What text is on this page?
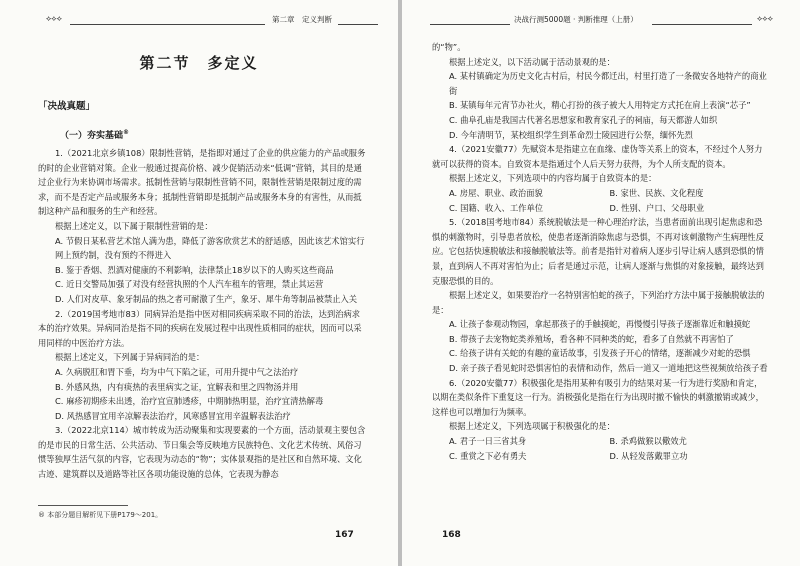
⟡⟡⟡	第二章　定义判断
第二节　多定义
「决战真题」
（一）夯实基础®

1.（2021北京乡镇108）限制性营销，是指即对通过了企业的供应能力的产品或服务的时的企业营销对策。企业一般通过提高价格、减少促销活动来“低调”营销，其目的是通过企业行为来协调市场需求。抵制性营销与限制性营销不同，限制性营销是限制过度的需求，而不是否定产品或服务本身；抵制性营销即是抵制产品或服务本身的有害性，从而抵制这种产品和服务的生产和经营。

根据上述定义，以下属于限制性营销的是：

A. 节假日某私营艺术馆人满为患，降低了游客欣赏艺术的舒适感，因此该艺术馆实行网上预约制，没有预约不得进入

B. 鉴于香烟、烈酒对健康的不利影响，法律禁止18岁以下的人购买这些商品

C. 近日交警局加强了对没有经营执照的个人汽车租车的管理，禁止其运营

D. 人们对皮草、象牙制品的热之者可耐激了生产，象牙、犀牛角等制品被禁止入关

2.（2019国考地市83）同病异治是指中医对相同疾病采取不同的治法，达到治病求本的治疗效果。异病同治是指不同的疾病在发展过程中出现性质相同的症状，因而可以采用同样的中医治疗方法。

根据上述定义，下列属于异病同治的是：

A. 久病脱肛和胃下垂，均为中气下陷之证，可用升提中气之法治疗

B. 外感风热，内有痰热的表里病实之证，宜解表和里之四物汤并用

C. 麻疹初期疹未出透，治疗宜宣肺透疹，中期肺热明显，治疗宜清热解毒

D. 风热感冒宜用辛凉解表法治疗，风寒感冒宜用辛温解表法治疗

3.（2022北京114）城市转成为活动聚集和实现要素的一个方面，活动景观主要包含的是市民的日常生活、公共活动、节日集会等反映地方民族特色、文化艺术传统、风俗习惯等独厚生活气氛的内容，它表现为动态的“物”；实体景观指的是社区和自然环境、文化古迹、建筑群以及道路等社区各项功能设施的总体，它表现为静态

® 本部分题目解析见下册P179～201。
167
决战行测5000题 · 判断推理（上册）	⟡⟡⟡

的“物”。

根据上述定义，以下活动属于活动景观的是：

A. 某村镇确定为历史文化古村后，村民今都迁出，村里打造了一条微安各地特产的商业街

B. 某镇每年元宵节办社火，精心打扮的孩子被大人用特定方式托在肩上表演“芯子”

C. 曲阜孔庙是我国古代著名思想家和教育家孔子的祠庙，每天都游人如织

D. 今年清明节，某校组织学生到革命烈士陵园进行公祭，缅怀先烈

4.（2021安徽77）先赋资本是指建立在血缘、虚伪等关系上的资本，不经过个人努力就可以获得的资本。自致资本是指通过个人后天努力获得，为个人所支配的资本。

根据上述定义，下列选项中的内容均属于自致资本的是：

A. 房屋、职业、政治面貌	B. 家世、民族、文化程度

C. 国籍、收入、工作单位	D. 性别、户口、父母职业

5.（2018国考地市84）系统脱敏法是一种心理治疗法，当患者面前出现引起焦虑和恐惧的刺激物时，引导患者放松，使患者逐渐消除焦虑与恐惧，不再对该刺激物产生病理性反应。它包括快速脱敏法和接触脱敏法等。前者是指针对着病人逐步引导让病人感到恐惧的情景，直到病人不再对害怕为止；后者是通过示范，让病人逐渐与焦惧的对象接触，最终达到克服恐惧的目的。

根据上述定义，如果要治疗一名特别害怕蛇的孩子，下列治疗方法中属于接触脱敏法的是：

A. 让孩子参观动物园，拿起那孩子的手触摸蛇，再慢慢引导孩子逐渐靠近和触摸蛇

B. 带孩子去宠物蛇类养殖场，看各种不同种类的蛇，看多了自然就不再害怕了

C. 给孩子讲有关蛇的有趣的童话故事，引发孩子开心的情绪，逐渐减少对蛇的恐惧

D. 亲子孩子看见蛇时恐惧害怕的表情和动作，然后一道又一道地把这些视频放给孩子看

6.（2020安徽77）积极强化是指用某种有吸引力的结果对某一行为进行奖励和肯定，以期在类似条件下重复这一行为。消极强化是指在行为出现时撤不愉快的刺激撤销或减少，这样也可以增加行为频率。

根据上述定义，下列选项属于积极强化的是：

A. 君子一日三省其身	B. 杀鸡做猴以儆效尤

C. 重赏之下必有勇夫	D. 从轻发落戴罪立功

168
